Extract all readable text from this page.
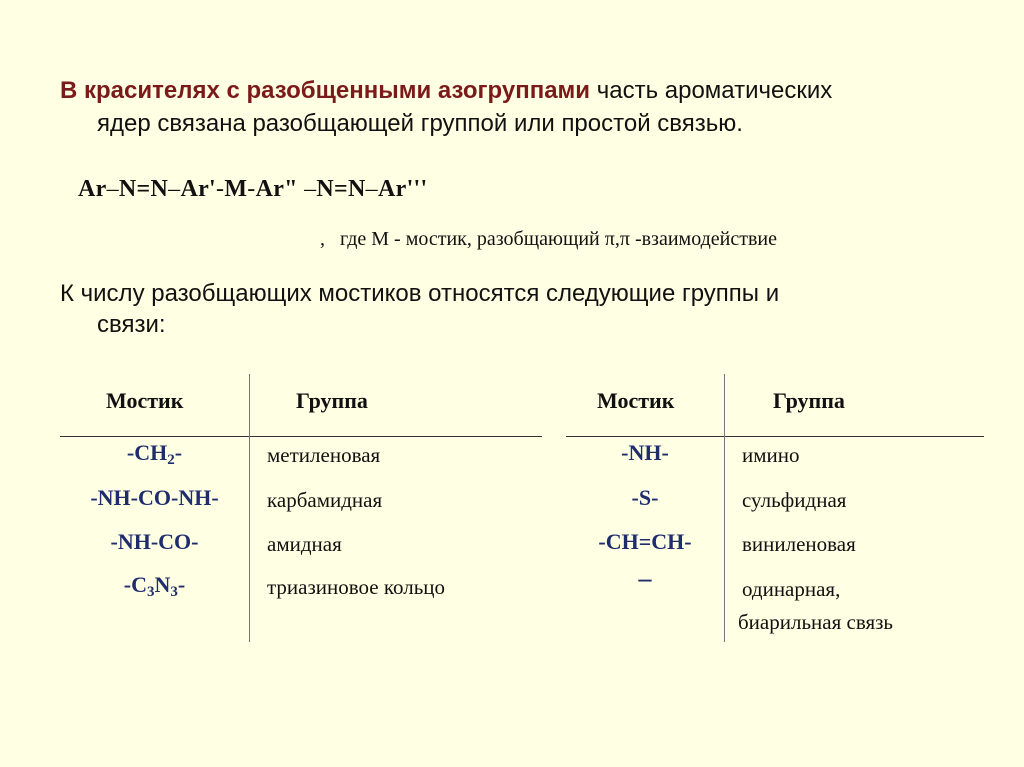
В красителях с разобщенными азогруппами часть ароматических
ядер связана разобщающей группой или простой связью.
Ar–N=N–Ar'-M-Ar" –N=N–Ar'''
,   где М - мостик, разобщающий π,π -взаимодействие
К числу разобщающих мостиков относятся следующие группы и
связи:
Мостик	Группа
$-CH_2-$	метиленовая
-NH-CO-NH-	карбамидная
-NH-CO-	амидная
$-C_3N_3-$	триазиновое кольцо
Мостик	Группа
-NH-	имино
-S-	сульфидная
-CH=CH-	виниленовая
–	одинарная,
биарильная связь
